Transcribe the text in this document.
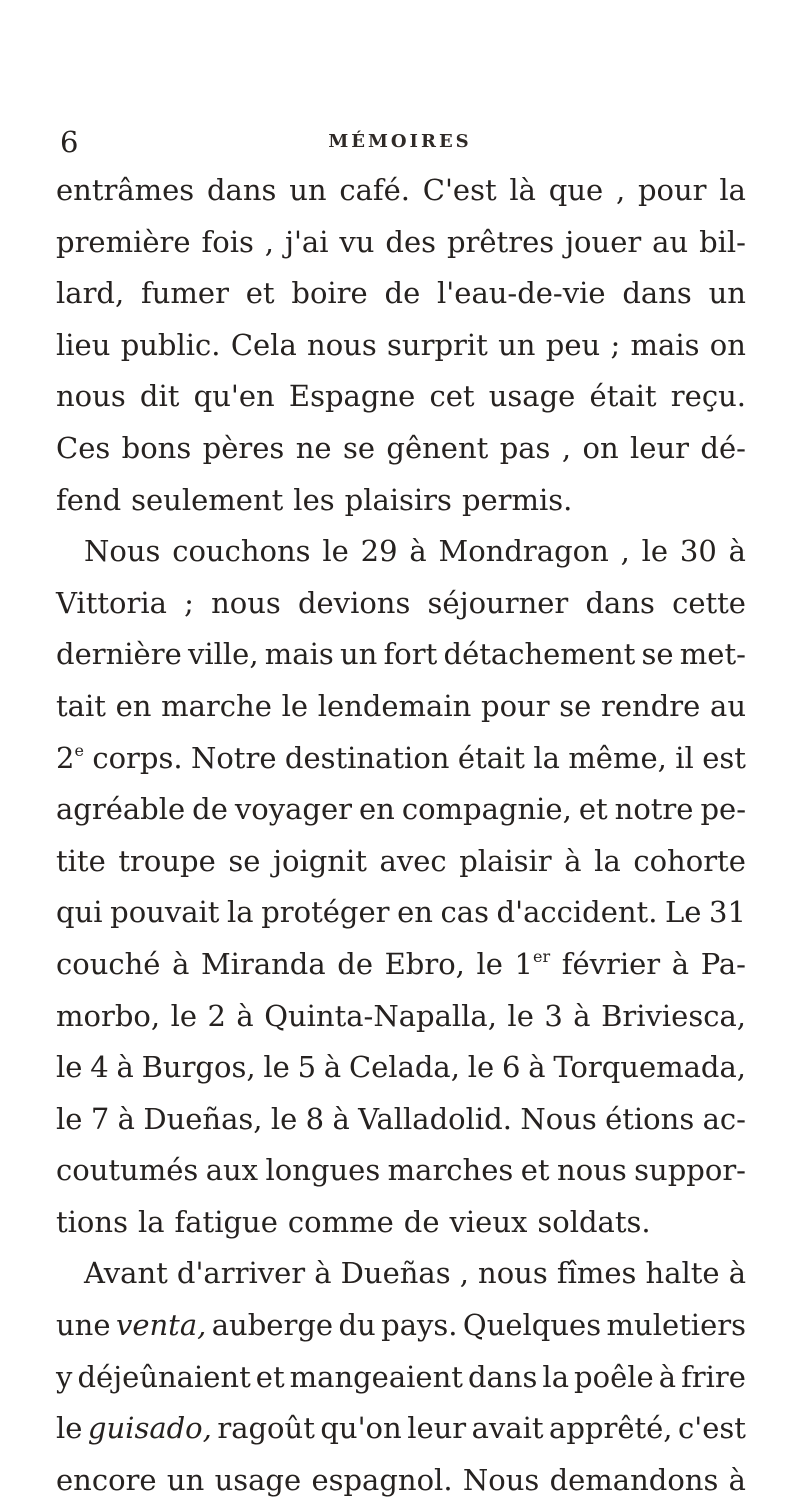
6	MÉMOIRES
entrâmes dans un café. C'est là que , pour la
première fois , j'ai vu des prêtres jouer au bil-
lard, fumer et boire de l'eau-de-vie dans un
lieu public. Cela nous surprit un peu ; mais on
nous dit qu'en Espagne cet usage était reçu.
Ces bons pères ne se gênent pas , on leur dé-
fend seulement les plaisirs permis.
Nous couchons le 29 à Mondragon , le 30 à
Vittoria ; nous devions séjourner dans cette
dernière ville, mais un fort détachement se met-
tait en marche le lendemain pour se rendre au
2e corps. Notre destination était la même, il est
agréable de voyager en compagnie, et notre pe-
tite troupe se joignit avec plaisir à la cohorte
qui pouvait la protéger en cas d'accident. Le 31
couché à Miranda de Ebro, le 1er février à Pa-
morbo, le 2 à Quinta-Napalla, le 3 à Briviesca,
le 4 à Burgos, le 5 à Celada, le 6 à Torquemada,
le 7 à Dueñas, le 8 à Valladolid. Nous étions ac-
coutumés aux longues marches et nous suppor-
tions la fatigue comme de vieux soldats.
Avant d'arriver à Dueñas , nous fîmes halte à
une venta, auberge du pays. Quelques muletiers
y déjeûnaient et mangeaient dans la poêle à frire
le guisado, ragoût qu'on leur avait apprêté, c'est
encore un usage espagnol. Nous demandons à
